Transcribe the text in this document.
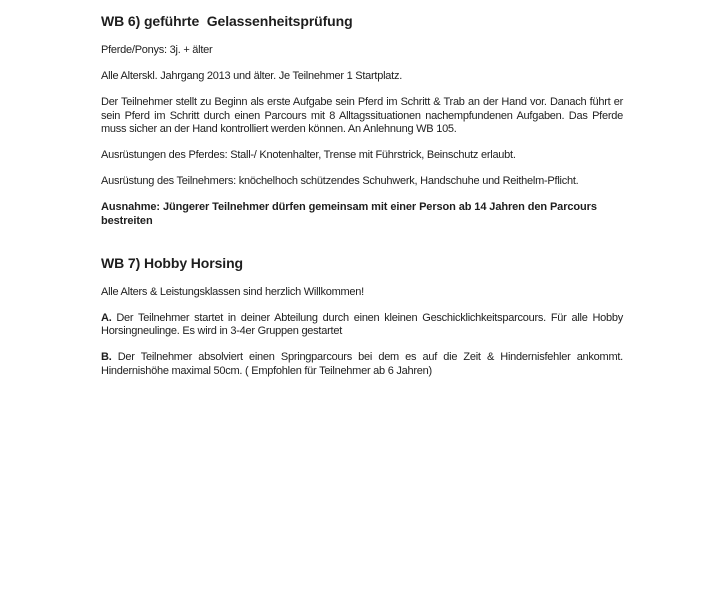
WB 6) geführte  Gelassenheitsprüfung

Pferde/Ponys: 3j. + älter

Alle Alterskl. Jahrgang 2013 und älter. Je Teilnehmer 1 Startplatz.

Der Teilnehmer stellt zu Beginn als erste Aufgabe sein Pferd im Schritt & Trab an der Hand vor. Danach führt er sein Pferd im Schritt durch einen Parcours mit 8 Alltagssituationen nachempfundenen Aufgaben. Das Pferde muss sicher an der Hand kontrolliert werden können. An Anlehnung WB 105.

Ausrüstungen des Pferdes: Stall-/ Knotenhalter, Trense mit Führstrick, Beinschutz erlaubt.

Ausrüstung des Teilnehmers: knöchelhoch schützendes Schuhwerk, Handschuhe und Reithelm-Pflicht.

Ausnahme: Jüngerer Teilnehmer dürfen gemeinsam mit einer Person ab 14 Jahren den Parcours bestreiten

WB 7) Hobby Horsing

Alle Alters & Leistungsklassen sind herzlich Willkommen!

A. Der Teilnehmer startet in deiner Abteilung durch einen kleinen Geschicklichkeitsparcours. Für alle Hobby Horsingneulinge. Es wird in 3-4er Gruppen gestartet

B. Der Teilnehmer absolviert einen Springparcours bei dem es auf die Zeit & Hindernisfehler ankommt. Hindernishöhe maximal 50cm. ( Empfohlen für Teilnehmer ab 6 Jahren)
